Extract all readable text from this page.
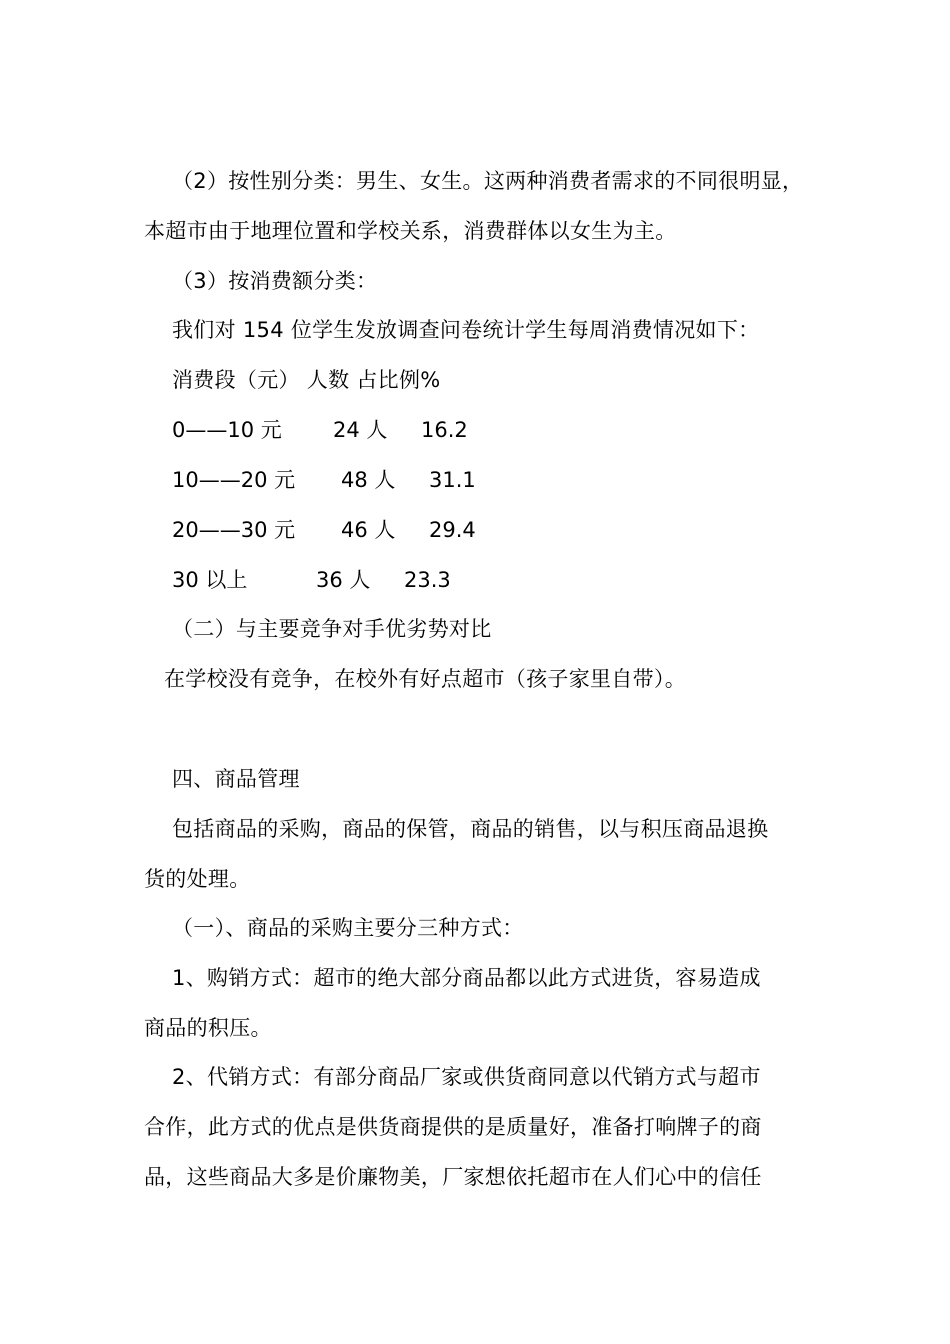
（2）按性别分类：男生、女生。这两种消费者需求的不同很明显，
本超市由于地理位置和学校关系，消费群体以女生为主。
（3）按消费额分类：
我们对 154 位学生发放调查问卷统计学生每周消费情况如下：
消费段（元） 人数 占比例%
0——10 元 24 人 16.2
10——20 元 48 人 31.1
20——30 元 46 人 29.4
30 以上	36 人 23.3
（二）与主要竞争对手优劣势对比
在学校没有竞争，在校外有好点超市（孩子家里自带）。
四、商品管理
包括商品的采购，商品的保管，商品的销售，以与积压商品退换
货的处理。
（一）、商品的采购主要分三种方式：
1、购销方式：超市的绝大部分商品都以此方式进货，容易造成
商品的积压。
2、代销方式：有部分商品厂家或供货商同意以代销方式与超市
合作，此方式的优点是供货商提供的是质量好，准备打响牌子的商
品，这些商品大多是价廉物美，厂家想依托超市在人们心中的信任
